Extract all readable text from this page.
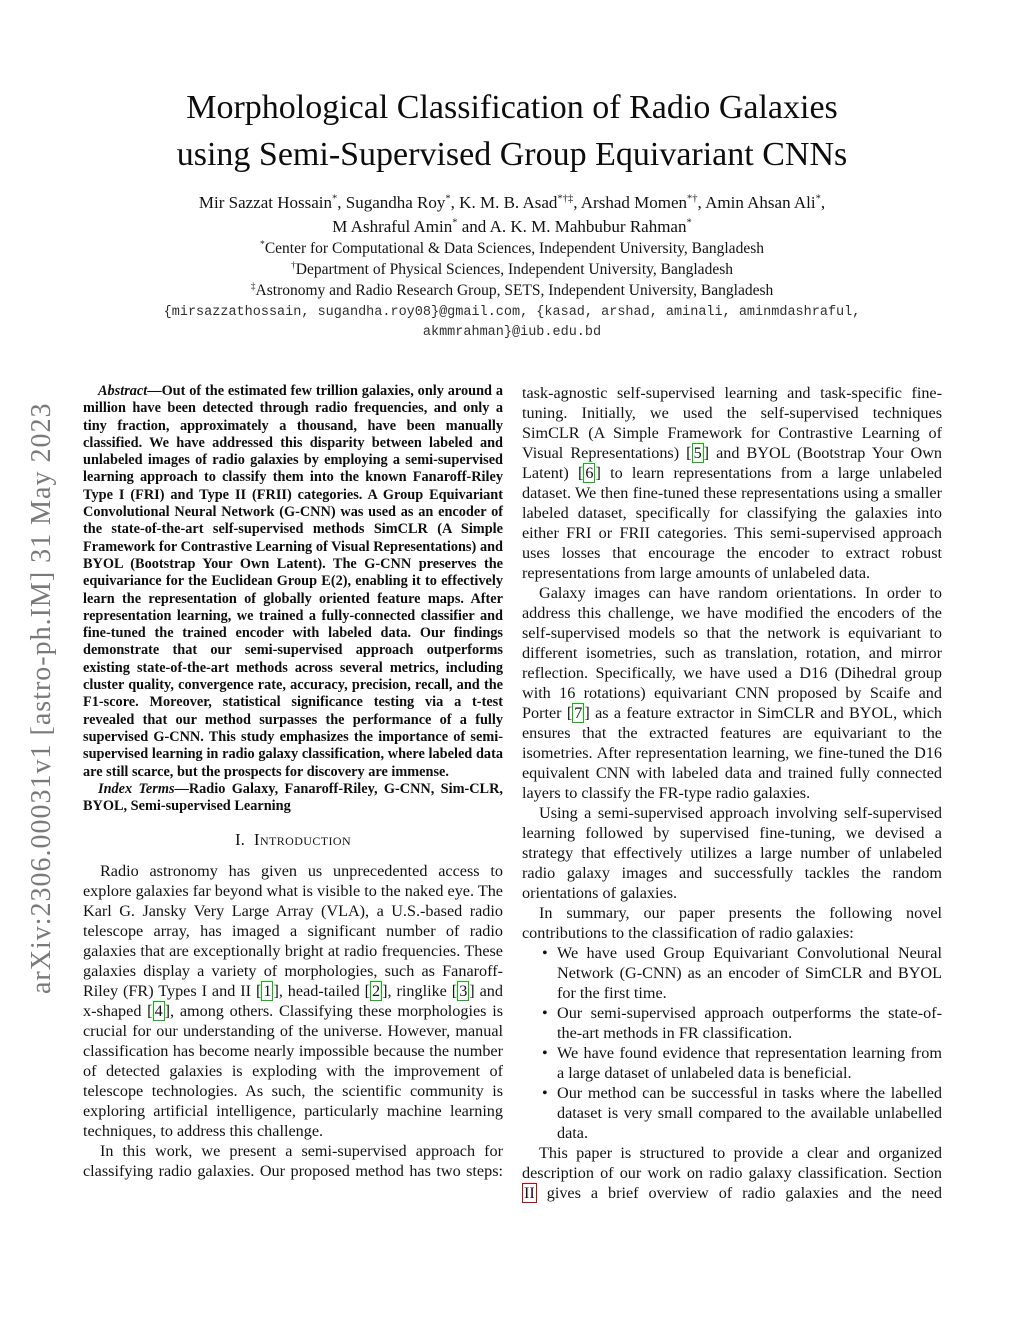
arXiv:2306.00031v1 [astro-ph.IM] 31 May 2023
Morphological Classification of Radio Galaxies
using Semi-Supervised Group Equivariant CNNs
Mir Sazzat Hossain*, Sugandha Roy*, K. M. B. Asad*†‡, Arshad Momen*†, Amin Ahsan Ali*,
M Ashraful Amin* and A. K. M. Mahbubur Rahman*
*Center for Computational & Data Sciences, Independent University, Bangladesh
†Department of Physical Sciences, Independent University, Bangladesh
‡Astronomy and Radio Research Group, SETS, Independent University, Bangladesh
{mirsazzathossain, sugandha.roy08}@gmail.com, {kasad, arshad, aminali, aminmdashraful,
akmmrahman}@iub.edu.bd

Abstract—Out of the estimated few trillion galaxies, only around a million have been detected through radio frequencies, and only a tiny fraction, approximately a thousand, have been manually classified. We have addressed this disparity between labeled and unlabeled images of radio galaxies by employing a semi-supervised learning approach to classify them into the known Fanaroff-Riley Type I (FRI) and Type II (FRII) categories. A Group Equivariant Convolutional Neural Network (G-CNN) was used as an encoder of the state-of-the-art self-supervised methods SimCLR (A Simple Framework for Contrastive Learning of Visual Representations) and BYOL (Bootstrap Your Own Latent). The G-CNN preserves the equivariance for the Euclidean Group E(2), enabling it to effectively learn the representation of globally oriented feature maps. After representation learning, we trained a fully-connected classifier and fine-tuned the trained encoder with labeled data. Our findings demonstrate that our semi-supervised approach outperforms existing state-of-the-art methods across several metrics, including cluster quality, convergence rate, accuracy, precision, recall, and the F1-score. Moreover, statistical significance testing via a t-test revealed that our method surpasses the performance of a fully supervised G-CNN. This study emphasizes the importance of semi-supervised learning in radio galaxy classification, where labeled data are still scarce, but the prospects for discovery are immense.

Index Terms—Radio Galaxy, Fanaroff-Riley, G-CNN, Sim-CLR, BYOL, Semi-supervised Learning

I. Introduction

Radio astronomy has given us unprecedented access to explore galaxies far beyond what is visible to the naked eye. The Karl G. Jansky Very Large Array (VLA), a U.S.-based radio telescope array, has imaged a significant number of radio galaxies that are exceptionally bright at radio frequencies. These galaxies display a variety of morphologies, such as Fanaroff-Riley (FR) Types I and II [ 1 ], head-tailed [ 2 ], ringlike [ 3 ] and x-shaped [ 4 ], among others. Classifying these morphologies is crucial for our understanding of the universe. However, manual classification has become nearly impossible because the number of detected galaxies is exploding with the improvement of telescope technologies. As such, the scientific community is exploring artificial intelligence, particularly machine learning techniques, to address this challenge.

In this work, we present a semi-supervised approach for classifying radio galaxies. Our proposed method has two steps:

task-agnostic self-supervised learning and task-specific fine-tuning. Initially, we used the self-supervised techniques SimCLR (A Simple Framework for Contrastive Learning of Visual Representations) [ 5 ] and BYOL (Bootstrap Your Own Latent) [ 6 ] to learn representations from a large unlabeled dataset. We then fine-tuned these representations using a smaller labeled dataset, specifically for classifying the galaxies into either FRI or FRII categories. This semi-supervised approach uses losses that encourage the encoder to extract robust representations from large amounts of unlabeled data.

Galaxy images can have random orientations. In order to address this challenge, we have modified the encoders of the self-supervised models so that the network is equivariant to different isometries, such as translation, rotation, and mirror reflection. Specifically, we have used a D16 (Dihedral group with 16 rotations) equivariant CNN proposed by Scaife and Porter [ 7 ] as a feature extractor in SimCLR and BYOL, which ensures that the extracted features are equivariant to the isometries. After representation learning, we fine-tuned the D16 equivalent CNN with labeled data and trained fully connected layers to classify the FR-type radio galaxies.

Using a semi-supervised approach involving self-supervised learning followed by supervised fine-tuning, we devised a strategy that effectively utilizes a large number of unlabeled radio galaxy images and successfully tackles the random orientations of galaxies.

In summary, our paper presents the following novel contributions to the classification of radio galaxies:

• We have used Group Equivariant Convolutional Neural Network (G-CNN) as an encoder of SimCLR and BYOL for the first time.
• Our semi-supervised approach outperforms the state-of-the-art methods in FR classification.
• We have found evidence that representation learning from a large dataset of unlabeled data is beneficial.
• Our method can be successful in tasks where the labelled dataset is very small compared to the available unlabelled data.

This paper is structured to provide a clear and organized description of our work on radio galaxy classification. Section II gives a brief overview of radio galaxies and the need
